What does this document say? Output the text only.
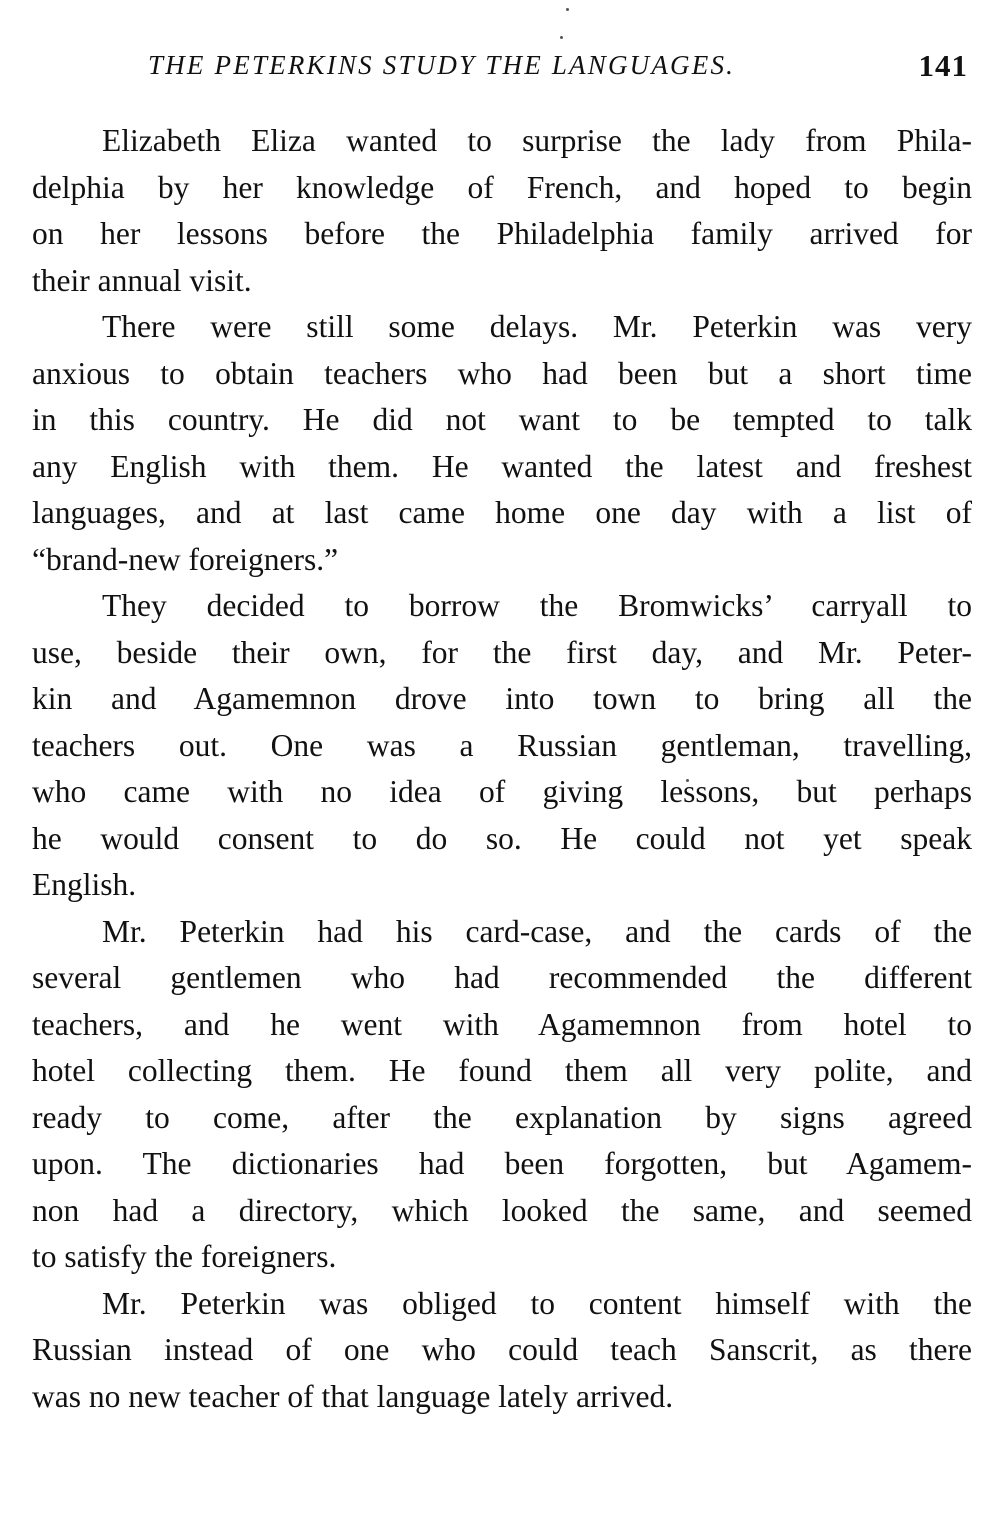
THE PETERKINS STUDY THE LANGUAGES.	141
Elizabeth Eliza wanted to surprise the lady from Phila-
delphia by her knowledge of French, and hoped to begin
on her lessons before the Philadelphia family arrived for
their annual visit.
There were still some delays. Mr. Peterkin was very
anxious to obtain teachers who had been but a short time
in this country. He did not want to be tempted to talk
any English with them. He wanted the latest and freshest
languages, and at last came home one day with a list of
“brand-new foreigners.”
They decided to borrow the Bromwicks’ carryall to
use, beside their own, for the first day, and Mr. Peter-
kin and Agamemnon drove into town to bring all the
teachers out. One was a Russian gentleman, travelling,
who came with no idea of giving lessons, but perhaps
he would consent to do so. He could not yet speak
English.
Mr. Peterkin had his card-case, and the cards of the
several gentlemen who had recommended the different
teachers, and he went with Agamemnon from hotel to
hotel collecting them. He found them all very polite, and
ready to come, after the explanation by signs agreed
upon. The dictionaries had been forgotten, but Agamem-
non had a directory, which looked the same, and seemed
to satisfy the foreigners.
Mr. Peterkin was obliged to content himself with the
Russian instead of one who could teach Sanscrit, as there
was no new teacher of that language lately arrived.
